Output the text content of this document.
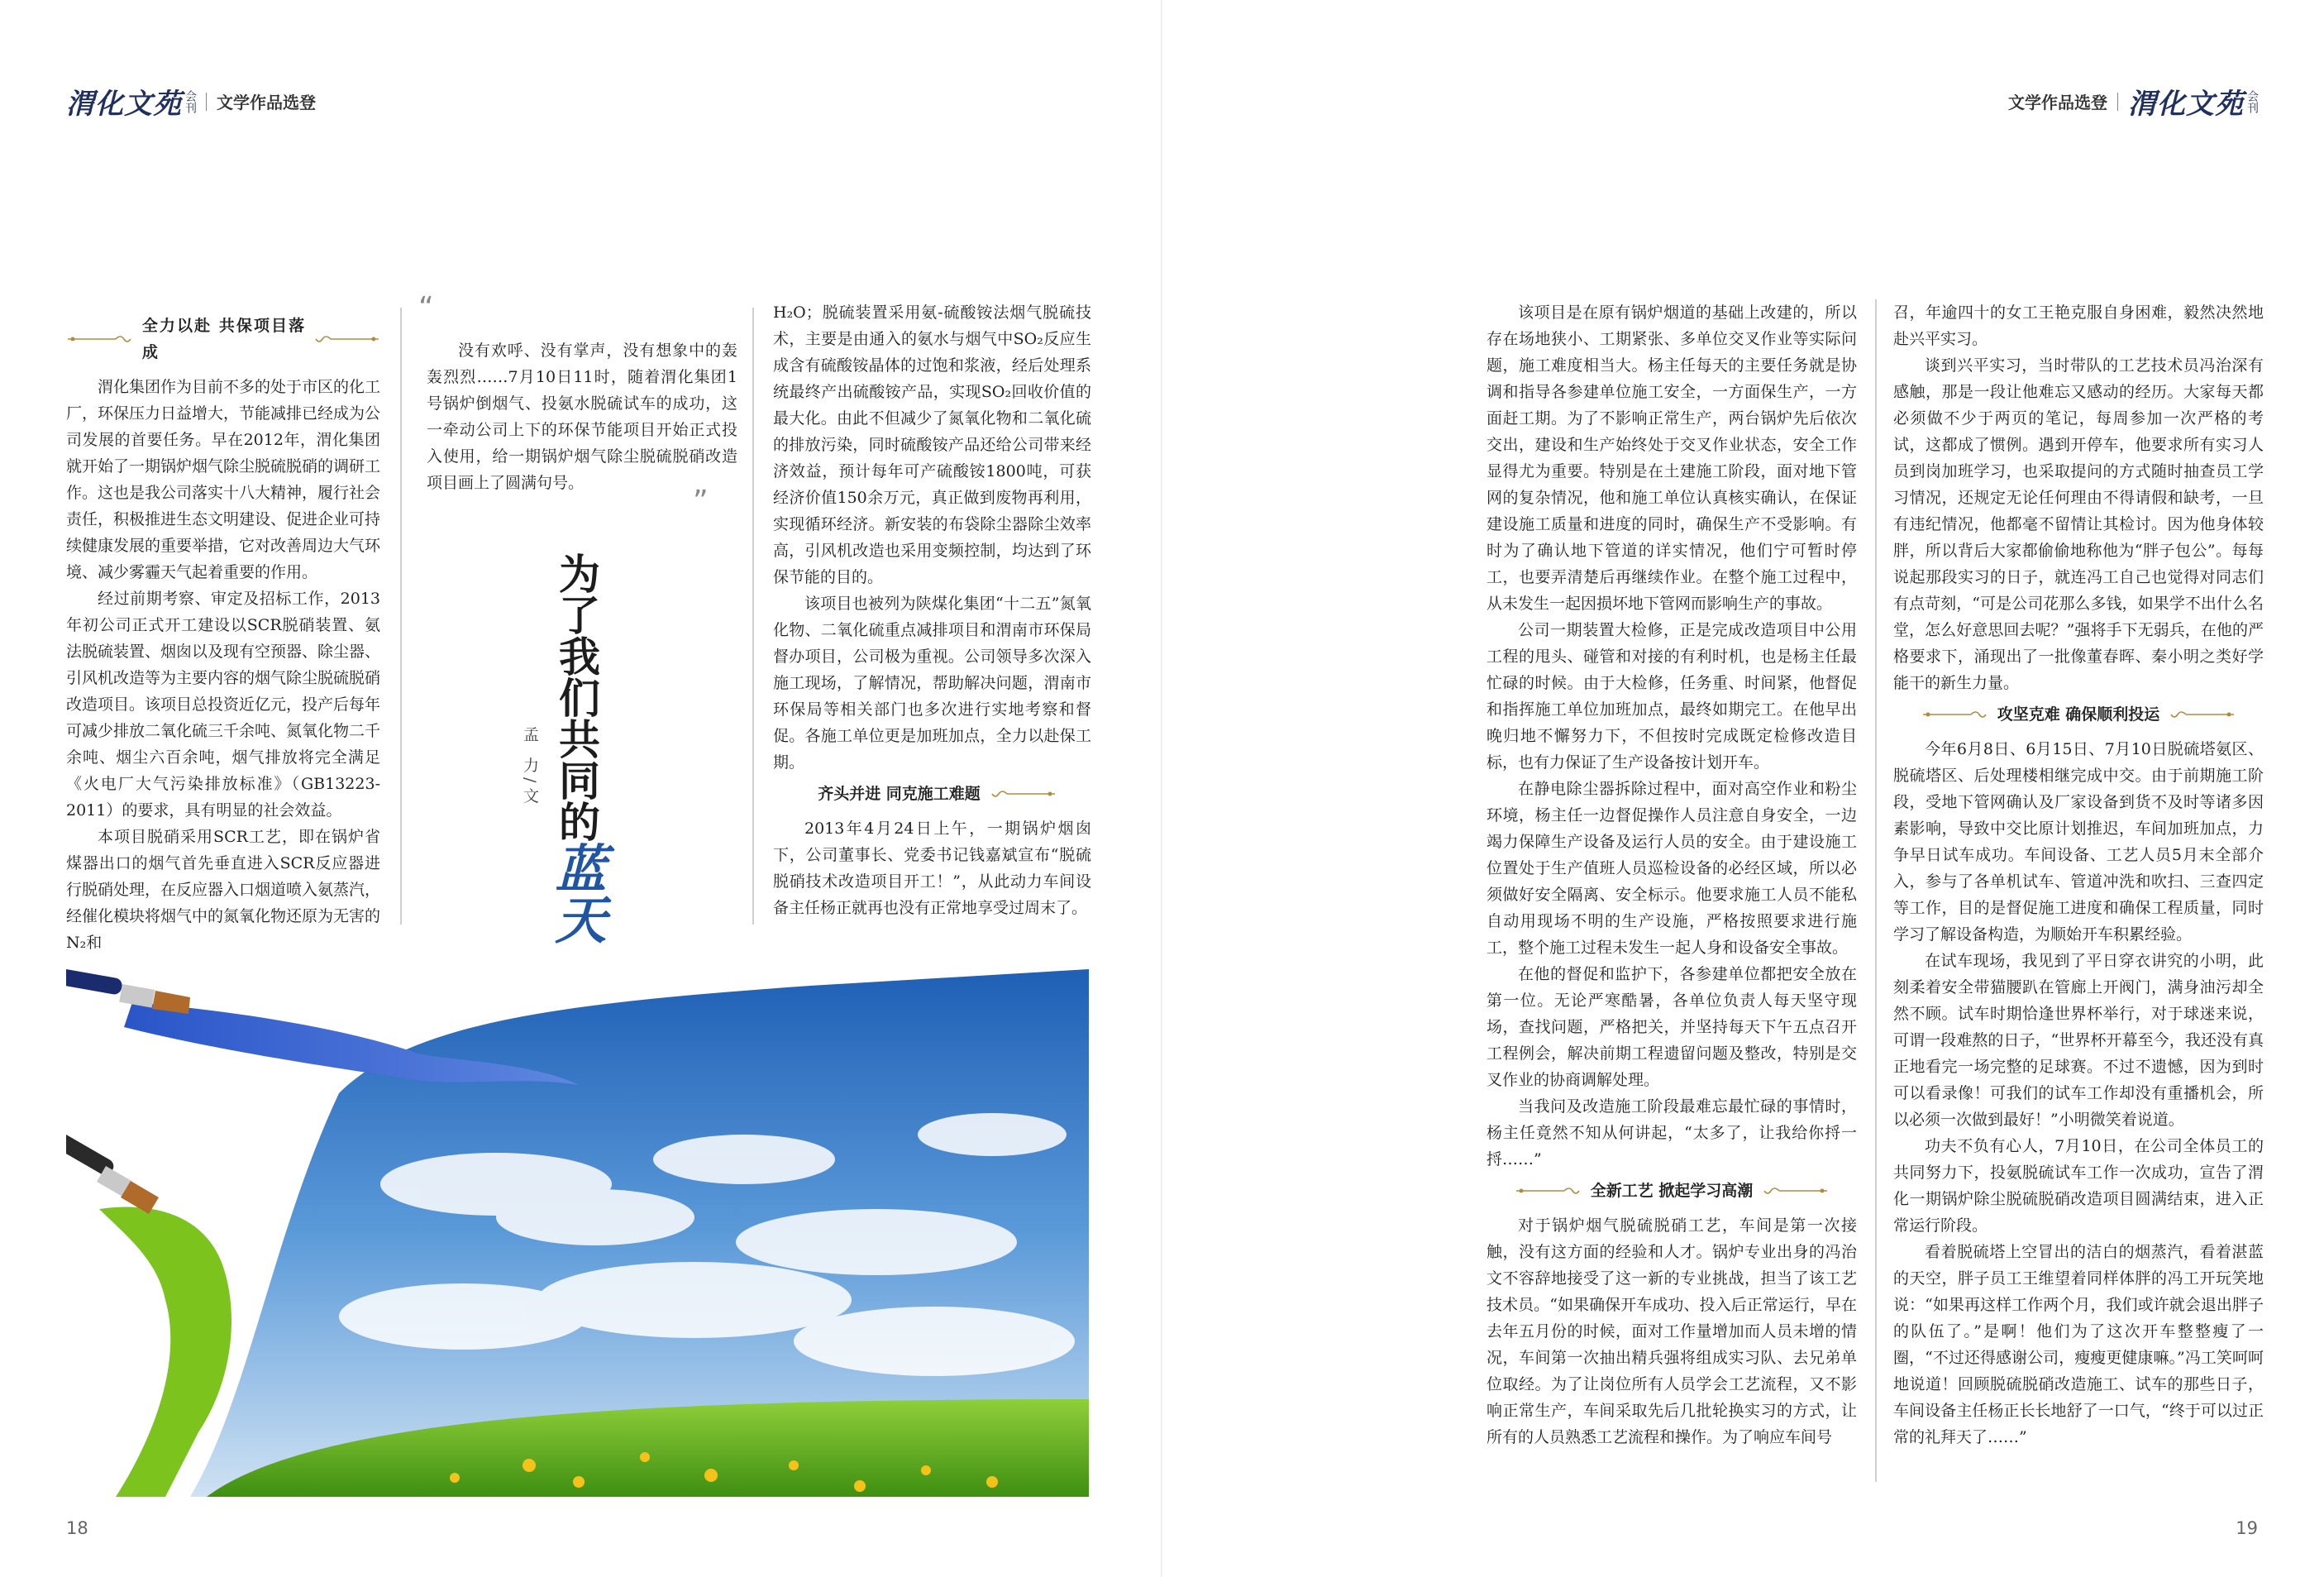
渭化文苑 会刊 文学作品选登
全力以赴 共保项目落成

渭化集团作为目前不多的处于市区的化工厂，环保压力日益增大，节能减排已经成为公司发展的首要任务。早在2012年，渭化集团就开始了一期锅炉烟气除尘脱硫脱硝的调研工作。这也是我公司落实十八大精神，履行社会责任，积极推进生态文明建设、促进企业可持续健康发展的重要举措，它对改善周边大气环境、减少雾霾天气起着重要的作用。

经过前期考察、审定及招标工作，2013年初公司正式开工建设以SCR脱硝装置、氨法脱硫装置、烟囱以及现有空预器、除尘器、引风机改造等为主要内容的烟气除尘脱硫脱硝改造项目。该项目总投资近亿元，投产后每年可减少排放二氧化硫三千余吨、氮氧化物二千余吨、烟尘六百余吨，烟气排放将完全满足《火电厂大气污染排放标准》（GB13223-2011）的要求，具有明显的社会效益。

本项目脱硝采用SCR工艺，即在锅炉省煤器出口的烟气首先垂直进入SCR反应器进行脱硝处理，在反应器入口烟道喷入氨蒸汽，经催化模块将烟气中的氮氧化物还原为无害的N₂和

“

没有欢呼、没有掌声，没有想象中的轰轰烈烈……7月10日11时，随着渭化集团1号锅炉倒烟气、投氨水脱硫试车的成功，这一牵动公司上下的环保节能项目开始正式投入使用，给一期锅炉烟气除尘脱硫脱硝改造项目画上了圆满句号。

”
为了我们共同的蓝天
孟 力/文

H₂O；脱硫装置采用氨-硫酸铵法烟气脱硫技术，主要是由通入的氨水与烟气中SO₂反应生成含有硫酸铵晶体的过饱和浆液，经后处理系统最终产出硫酸铵产品，实现SO₂回收价值的最大化。由此不但减少了氮氧化物和二氧化硫的排放污染，同时硫酸铵产品还给公司带来经济效益，预计每年可产硫酸铵1800吨，可获经济价值150余万元，真正做到废物再利用，实现循环经济。新安装的布袋除尘器除尘效率高，引风机改造也采用变频控制，均达到了环保节能的目的。

该项目也被列为陕煤化集团“十二五”氮氧化物、二氧化硫重点减排项目和渭南市环保局督办项目，公司极为重视。公司领导多次深入施工现场，了解情况，帮助解决问题，渭南市环保局等相关部门也多次进行实地考察和督促。各施工单位更是加班加点，全力以赴保工期。

齐头并进 同克施工难题

2013年4月24日上午，一期锅炉烟囱下，公司董事长、党委书记钱嘉斌宣布“脱硫脱硝技术改造项目开工！”，从此动力车间设备主任杨正就再也没有正常地享受过周末了。

18
文学作品选登 渭化文苑 会刊

该项目是在原有锅炉烟道的基础上改建的，所以存在场地狭小、工期紧张、多单位交叉作业等实际问题，施工难度相当大。杨主任每天的主要任务就是协调和指导各参建单位施工安全，一方面保生产，一方面赶工期。为了不影响正常生产，两台锅炉先后依次交出，建设和生产始终处于交叉作业状态，安全工作显得尤为重要。特别是在土建施工阶段，面对地下管网的复杂情况，他和施工单位认真核实确认，在保证建设施工质量和进度的同时，确保生产不受影响。有时为了确认地下管道的详实情况，他们宁可暂时停工，也要弄清楚后再继续作业。在整个施工过程中，从未发生一起因损坏地下管网而影响生产的事故。

公司一期装置大检修，正是完成改造项目中公用工程的甩头、碰管和对接的有利时机，也是杨主任最忙碌的时候。由于大检修，任务重、时间紧，他督促和指挥施工单位加班加点，最终如期完工。在他早出晚归地不懈努力下，不但按时完成既定检修改造目标，也有力保证了生产设备按计划开车。

在静电除尘器拆除过程中，面对高空作业和粉尘环境，杨主任一边督促操作人员注意自身安全，一边竭力保障生产设备及运行人员的安全。由于建设施工位置处于生产值班人员巡检设备的必经区域，所以必须做好安全隔离、安全标示。他要求施工人员不能私自动用现场不明的生产设施，严格按照要求进行施工，整个施工过程未发生一起人身和设备安全事故。

在他的督促和监护下，各参建单位都把安全放在第一位。无论严寒酷暑，各单位负责人每天坚守现场，查找问题，严格把关，并坚持每天下午五点召开工程例会，解决前期工程遗留问题及整改，特别是交叉作业的协商调解处理。

当我问及改造施工阶段最难忘最忙碌的事情时，杨主任竟然不知从何讲起，“太多了，让我给你捋一捋……”

全新工艺 掀起学习高潮

对于锅炉烟气脱硫脱硝工艺，车间是第一次接触，没有这方面的经验和人才。锅炉专业出身的冯治文不容辞地接受了这一新的专业挑战，担当了该工艺技术员。“如果确保开车成功、投入后正常运行，早在去年五月份的时候，面对工作量增加而人员未增的情况，车间第一次抽出精兵强将组成实习队、去兄弟单位取经。为了让岗位所有人员学会工艺流程，又不影响正常生产，车间采取先后几批轮换实习的方式，让所有的人员熟悉工艺流程和操作。为了响应车间号

召，年逾四十的女工王艳克服自身困难，毅然决然地赴兴平实习。

谈到兴平实习，当时带队的工艺技术员冯治深有感触，那是一段让他难忘又感动的经历。大家每天都必须做不少于两页的笔记，每周参加一次严格的考试，这都成了惯例。遇到开停车，他要求所有实习人员到岗加班学习，也采取提问的方式随时抽查员工学习情况，还规定无论任何理由不得请假和缺考，一旦有违纪情况，他都毫不留情让其检讨。因为他身体较胖，所以背后大家都偷偷地称他为“胖子包公”。每每说起那段实习的日子，就连冯工自己也觉得对同志们有点苛刻，“可是公司花那么多钱，如果学不出什么名堂，怎么好意思回去呢？”强将手下无弱兵，在他的严格要求下，涌现出了一批像董春晖、秦小明之类好学能干的新生力量。

攻坚克难 确保顺利投运

今年6月8日、6月15日、7月10日脱硫塔氨区、脱硫塔区、后处理楼相继完成中交。由于前期施工阶段，受地下管网确认及厂家设备到货不及时等诸多因素影响，导致中交比原计划推迟，车间加班加点，力争早日试车成功。车间设备、工艺人员5月末全部介入，参与了各单机试车、管道冲洗和吹扫、三查四定等工作，目的是督促施工进度和确保工程质量，同时学习了解设备构造，为顺始开车积累经验。

在试车现场，我见到了平日穿衣讲究的小明，此刻柔着安全带猫腰趴在管廊上开阀门，满身油污却全然不顾。试车时期恰逢世界杯举行，对于球迷来说，可谓一段难熬的日子，“世界杯开幕至今，我还没有真正地看完一场完整的足球赛。不过不遗憾，因为到时可以看录像！可我们的试车工作却没有重播机会，所以必须一次做到最好！”小明微笑着说道。

功夫不负有心人，7月10日，在公司全体员工的共同努力下，投氨脱硫试车工作一次成功，宣告了渭化一期锅炉除尘脱硫脱硝改造项目圆满结束，进入正常运行阶段。

看着脱硫塔上空冒出的洁白的烟蒸汽，看着湛蓝的天空，胖子员工王维望着同样体胖的冯工开玩笑地说：“如果再这样工作两个月，我们或许就会退出胖子的队伍了。”是啊！他们为了这次开车整整瘦了一圈，“不过还得感谢公司，瘦瘦更健康嘛。”冯工笑呵呵地说道！回顾脱硫脱硝改造施工、试车的那些日子，车间设备主任杨正长长地舒了一口气，“终于可以过正常的礼拜天了……”

19
